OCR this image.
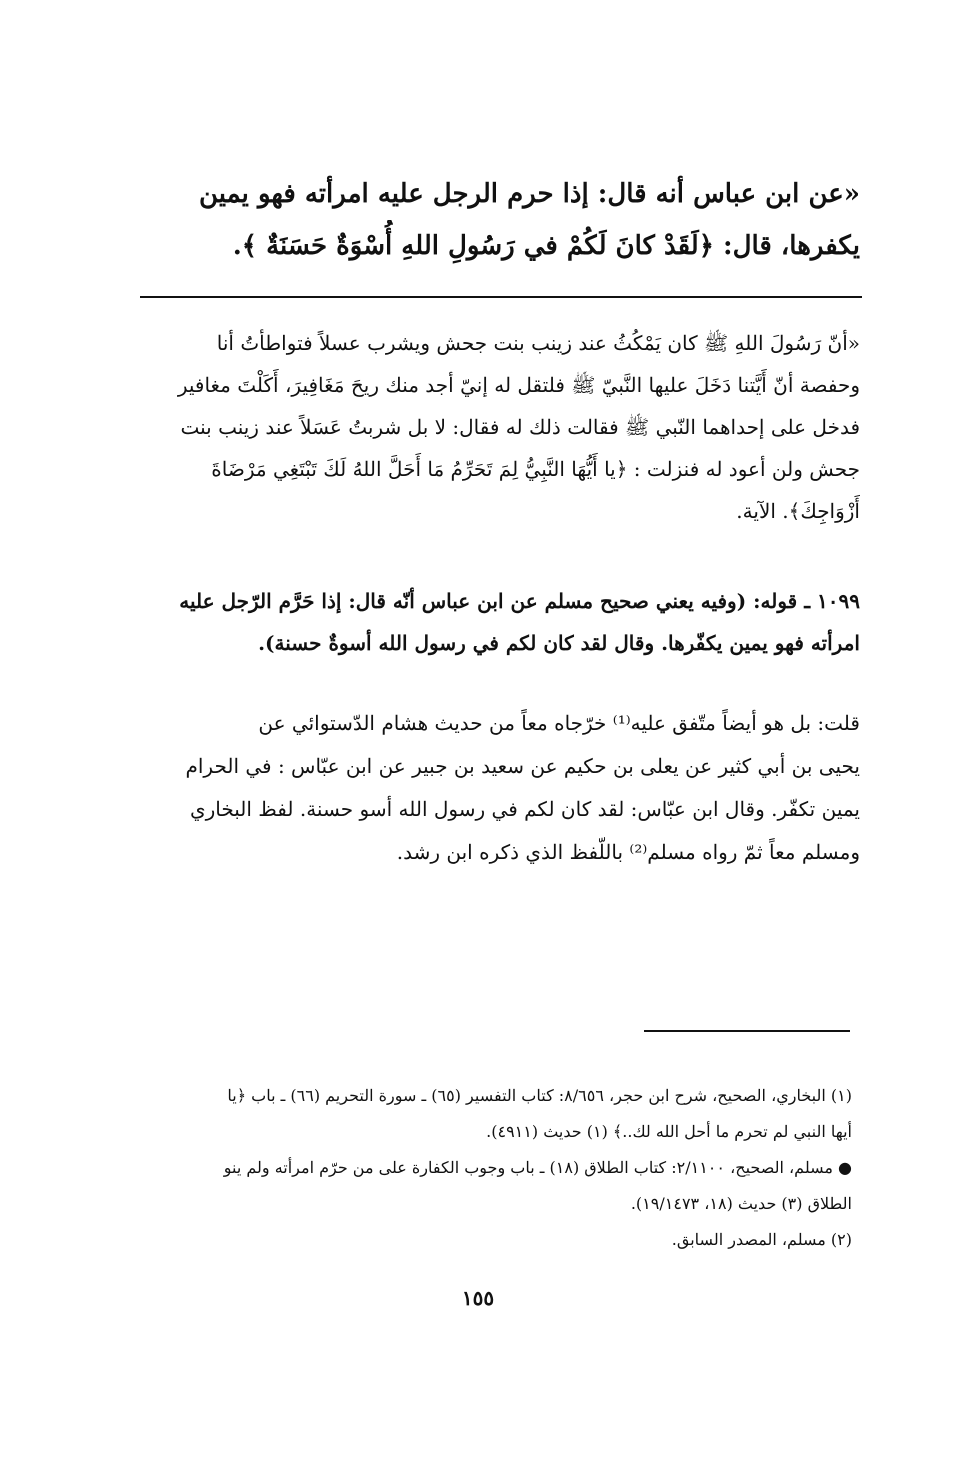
«عن ابن عباس أنه قال: إذا حرم الرجل عليه امرأته فهو يمين
يكفرها، قال: ﴿لَقَدْ كانَ لَكُمْ في رَسُولِ اللهِ أُسْوَةٌ حَسَنَةٌ ﴾.
«أنّ رَسُولَ اللهِ ﷺ كان يَمْكُثُ عند زينب بنت جحش ويشرب عسلاً فتواطأتُ أنا
وحفصة أنّ أَيَّتنا دَخَلَ عليها النَّبيّ ﷺ فلتقل له إنيّ أجد منك ريحَ مَغَافِيرَ، أَكَلْتَ مغافير
فدخل على إحداهما النّبي ﷺ فقالت ذلك له فقال: لا بل شربتُ عَسَلاً عند زينب بنت
جحش ولن أعود له فنزلت : ﴿يا أَيُّهَا النَّبِيُّ لِمَ تَحَرِّمُ مَا أَحَلَّ اللهُ لَكَ تَبْتَغِي مَرْضَاةَ
أَزْوَاجِكَ﴾. الآية.
١٠٩٩ ـ قوله: (وفيه يعني صحيح مسلم عن ابن عباس أنّه قال: إذا حَرَّم الرّجل عليه
امرأته فهو يمين يكفّرها. وقال لقد كان لكم في رسول الله أسوةٌ حسنة).
قلت: بل هو أيضاً متّفق عليه⁽¹⁾ خرّجاه معاً من حديث هشام الدّستوائي عن
يحيى بن أبي كثير عن يعلى بن حكيم عن سعيد بن جبير عن ابن عبّاس : في الحرام
يمين تكفّر. وقال ابن عبّاس: لقد كان لكم في رسول الله أسو حسنة. لفظ البخاري
ومسلم معاً ثمّ رواه مسلم⁽²⁾ باللّفظ الذي ذكره ابن رشد.
(١) البخاري، الصحيح، شرح ابن حجر، ٨/٦٥٦: كتاب التفسير (٦٥) ـ سورة التحريم (٦٦) ـ باب ﴿يا
أيها النبي لم تحرم ما أحل الله لك..﴾ (١) حديث (٤٩١١).
● مسلم، الصحيح، ٢/١١٠٠: كتاب الطلاق (١٨) ـ باب وجوب الكفارة على من حرّم امرأته ولم ينو
الطلاق (٣) حديث (١٨، ١٩/١٤٧٣).
(٢) مسلم، المصدر السابق.
١٥٥
